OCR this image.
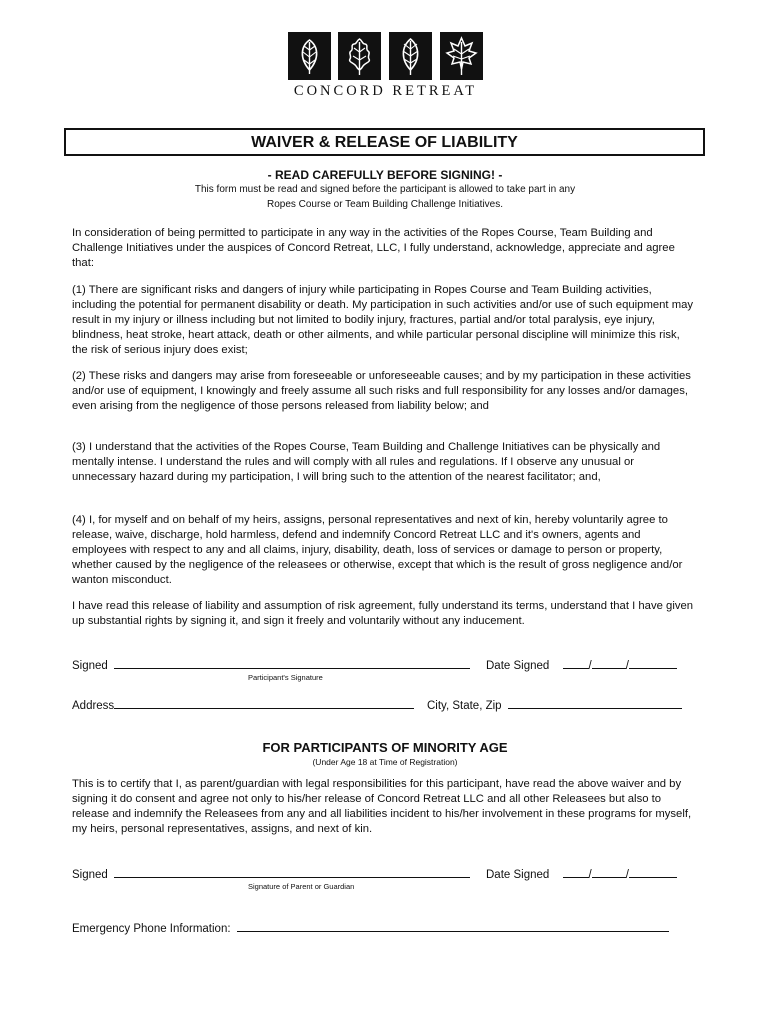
CONCORD RETREAT
WAIVER & RELEASE OF LIABILITY
- READ CAREFULLY BEFORE SIGNING! -
This form must be read and signed before the participant is allowed to take part in any
Ropes Course or Team Building Challenge Initiatives.

In consideration of being permitted to participate in any way in the activities of the Ropes Course, Team Building and Challenge Initiatives under the auspices of Concord Retreat, LLC, I fully understand, acknowledge, appreciate and agree that:

(1) There are significant risks and dangers of injury while participating in Ropes Course and Team Building activities, including the potential for permanent disability or death. My participation in such activities and/or use of such equipment may result in my injury or illness including but not limited to bodily injury, fractures, partial and/or total paralysis, eye injury, blindness, heat stroke, heart attack, death or other ailments, and while particular personal discipline will minimize this risk, the risk of serious injury does exist;

(2) These risks and dangers may arise from foreseeable or unforeseeable causes; and by my participation in these activities and/or use of equipment, I knowingly and freely assume all such risks and full responsibility for any losses and/or damages, even arising from the negligence of those persons released from liability below; and

(3) I understand that the activities of the Ropes Course, Team Building and Challenge Initiatives can be physically and mentally intense. I understand the rules and will comply with all rules and regulations. If I observe any unusual or unnecessary hazard during my participation, I will bring such to the attention of the nearest facilitator; and,

(4) I, for myself and on behalf of my heirs, assigns, personal representatives and next of kin, hereby voluntarily agree to release, waive, discharge, hold harmless, defend and indemnify Concord Retreat LLC and it's owners, agents and employees with respect to any and all claims, injury, disability, death, loss of services or damage to person or property, whether caused by the negligence of the releasees or otherwise, except that which is the result of gross negligence and/or wanton misconduct.

I have read this release of liability and assumption of risk agreement, fully understand its terms, understand that I have given up substantial rights by signing it, and sign it freely and voluntarily without any inducement.

Signed	Date Signed	/	/
Participant's Signature
Address	City, State, Zip
FOR PARTICIPANTS OF MINORITY AGE
(Under Age 18 at Time of Registration)

This is to certify that I, as parent/guardian with legal responsibilities for this participant, have read the above waiver and by signing it do consent and agree not only to his/her release of Concord Retreat LLC and all other Releasees but also to release and indemnify the Releasees from any and all liabilities incident to his/her involvement in these programs for myself, my heirs, personal representatives, assigns, and next of kin.

Signed	Date Signed	/	/
Signature of Parent or Guardian
Emergency Phone Information:
